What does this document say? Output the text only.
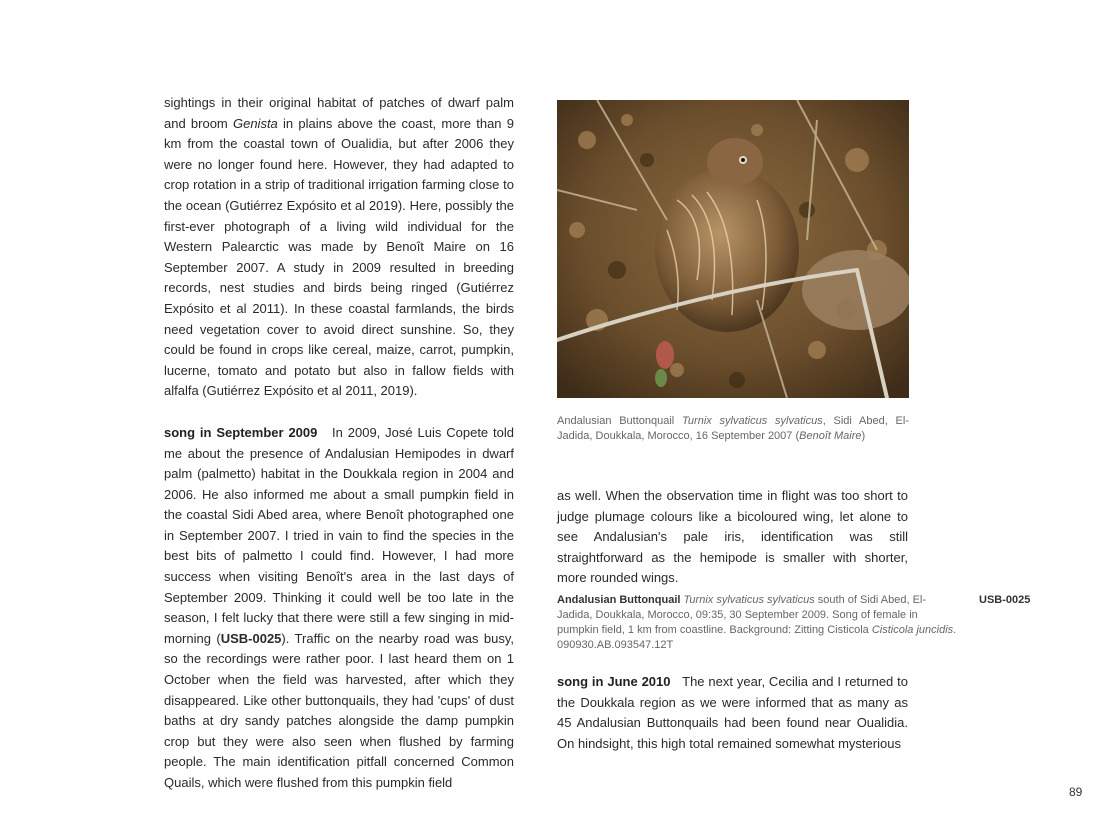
sightings in their original habitat of patches of dwarf palm and broom Genista in plains above the coast, more than 9 km from the coastal town of Oualidia, but after 2006 they were no longer found here. However, they had adapted to crop rotation in a strip of traditional irrigation farming close to the ocean (Gutiérrez Expósito et al 2019). Here, possibly the first-ever photograph of a living wild individual for the Western Palearctic was made by Benoît Maire on 16 September 2007. A study in 2009 resulted in breeding records, nest studies and birds being ringed (Gutiérrez Expósito et al 2011). In these coastal farmlands, the birds need vegetation cover to avoid direct sunshine. So, they could be found in crops like cereal, maize, carrot, pumpkin, lucerne, tomato and potato but also in fallow fields with alfalfa (Gutiérrez Expósito et al 2011, 2019).

song in September 2009 In 2009, José Luis Copete told me about the presence of Andalusian Hemipodes in dwarf palm (palmetto) habitat in the Doukkala region in 2004 and 2006. He also informed me about a small pumpkin field in the coastal Sidi Abed area, where Benoît photographed one in September 2007. I tried in vain to find the species in the best bits of palmetto I could find. However, I had more success when visiting Benoît's area in the last days of September 2009. Thinking it could well be too late in the season, I felt lucky that there were still a few singing in mid-morning (USB-0025). Traffic on the nearby road was busy, so the recordings were rather poor. I last heard them on 1 October when the field was harvested, after which they disappeared. Like other buttonquails, they had 'cups' of dust baths at dry sandy patches alongside the damp pumpkin crop but they were also seen when flushed by farming people. The main identification pitfall concerned Common Quails, which were flushed from this pumpkin field

Andalusian Buttonquail Turnix sylvaticus sylvaticus, Sidi Abed, El-Jadida, Doukkala, Morocco, 16 September 2007 (Benoît Maire)

as well. When the observation time in flight was too short to judge plumage colours like a bicoloured wing, let alone to see Andalusian's pale iris, identification was still straightforward as the hemipode is smaller with shorter, more rounded wings.

Andalusian Buttonquail Turnix sylvaticus sylvaticus south of Sidi Abed, El-Jadida, Doukkala, Morocco, 09:35, 30 September 2009. Song of female in pumpkin field, 1 km from coastline. Background: Zitting Cisticola Cisticola juncidis. 090930.AB.093547.12T
USB-0025

song in June 2010 The next year, Cecilia and I returned to the Doukkala region as we were informed that as many as 45 Andalusian Buttonquails had been found near Oualidia. On hindsight, this high total remained somewhat mysterious

89
